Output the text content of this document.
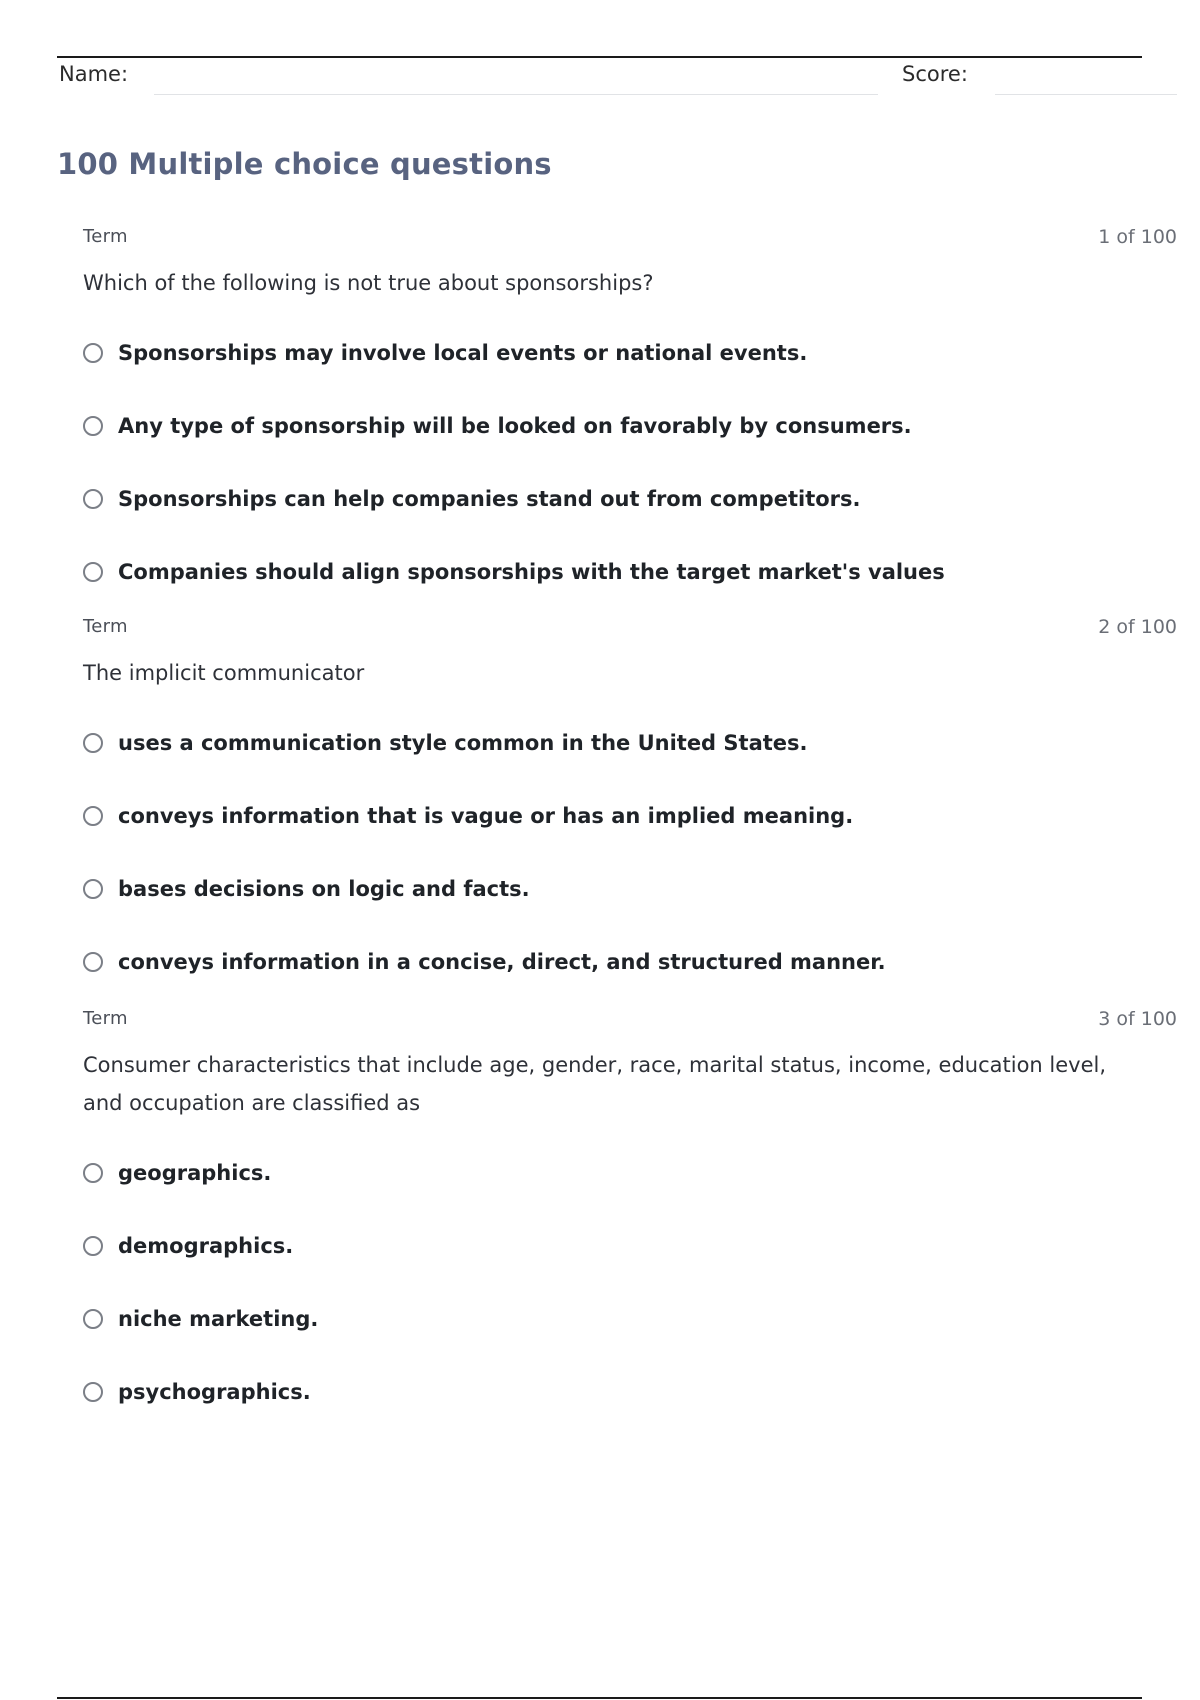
Name:	Score:
100 Multiple choice questions
Term	1 of 100
Which of the following is not true about sponsorships?
Sponsorships may involve local events or national events.
Any type of sponsorship will be looked on favorably by consumers.
Sponsorships can help companies stand out from competitors.
Companies should align sponsorships with the target market's values
Term	2 of 100
The implicit communicator
uses a communication style common in the United States.
conveys information that is vague or has an implied meaning.
bases decisions on logic and facts.
conveys information in a concise, direct, and structured manner.
Term	3 of 100
Consumer characteristics that include age, gender, race, marital status, income, education level, and occupation are classified as
geographics.
demographics.
niche marketing.
psychographics.
